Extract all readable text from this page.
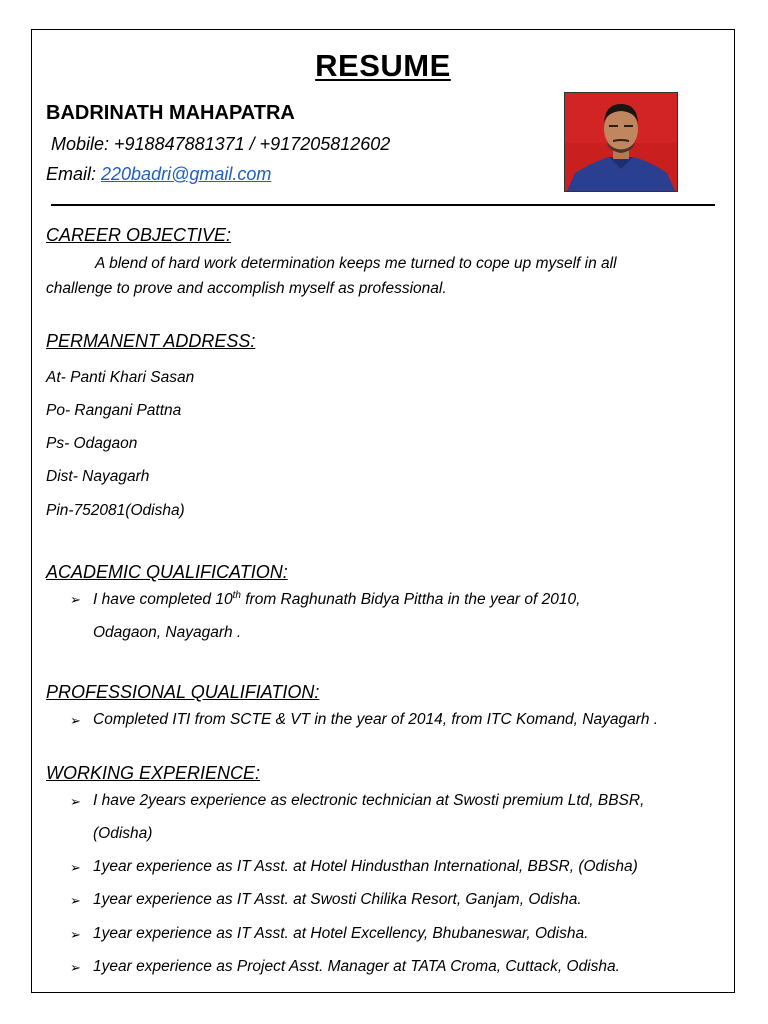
RESUME
BADRINATH MAHAPATRA
Mobile: +918847881371 / +917205812602
Email: 220badri@gmail.com
CAREER OBJECTIVE:
A blend of hard work determination keeps me turned to cope up myself in all
challenge to prove and accomplish myself as professional.
PERMANENT ADDRESS:
At- Panti Khari Sasan
Po- Rangani Pattna
Ps- Odagaon
Dist- Nayagarh
Pin-752081(Odisha)
ACADEMIC QUALIFICATION:
➢ I have completed 10th from Raghunath Bidya Pittha in the year of 2010,
Odagaon, Nayagarh .
PROFESSIONAL QUALIFIATION:
➢ Completed ITI from SCTE & VT in the year of 2014, from ITC Komand, Nayagarh .
WORKING EXPERIENCE:
➢ I have 2years experience as electronic technician at Swosti premium Ltd, BBSR,
(Odisha)
➢ 1year experience as IT Asst. at Hotel Hindusthan International, BBSR, (Odisha)
➢ 1year experience as IT Asst. at Swosti Chilika Resort, Ganjam, Odisha.
➢ 1year experience as IT Asst. at Hotel Excellency, Bhubaneswar, Odisha.
➢ 1year experience as Project Asst. Manager at TATA Croma, Cuttack, Odisha.
